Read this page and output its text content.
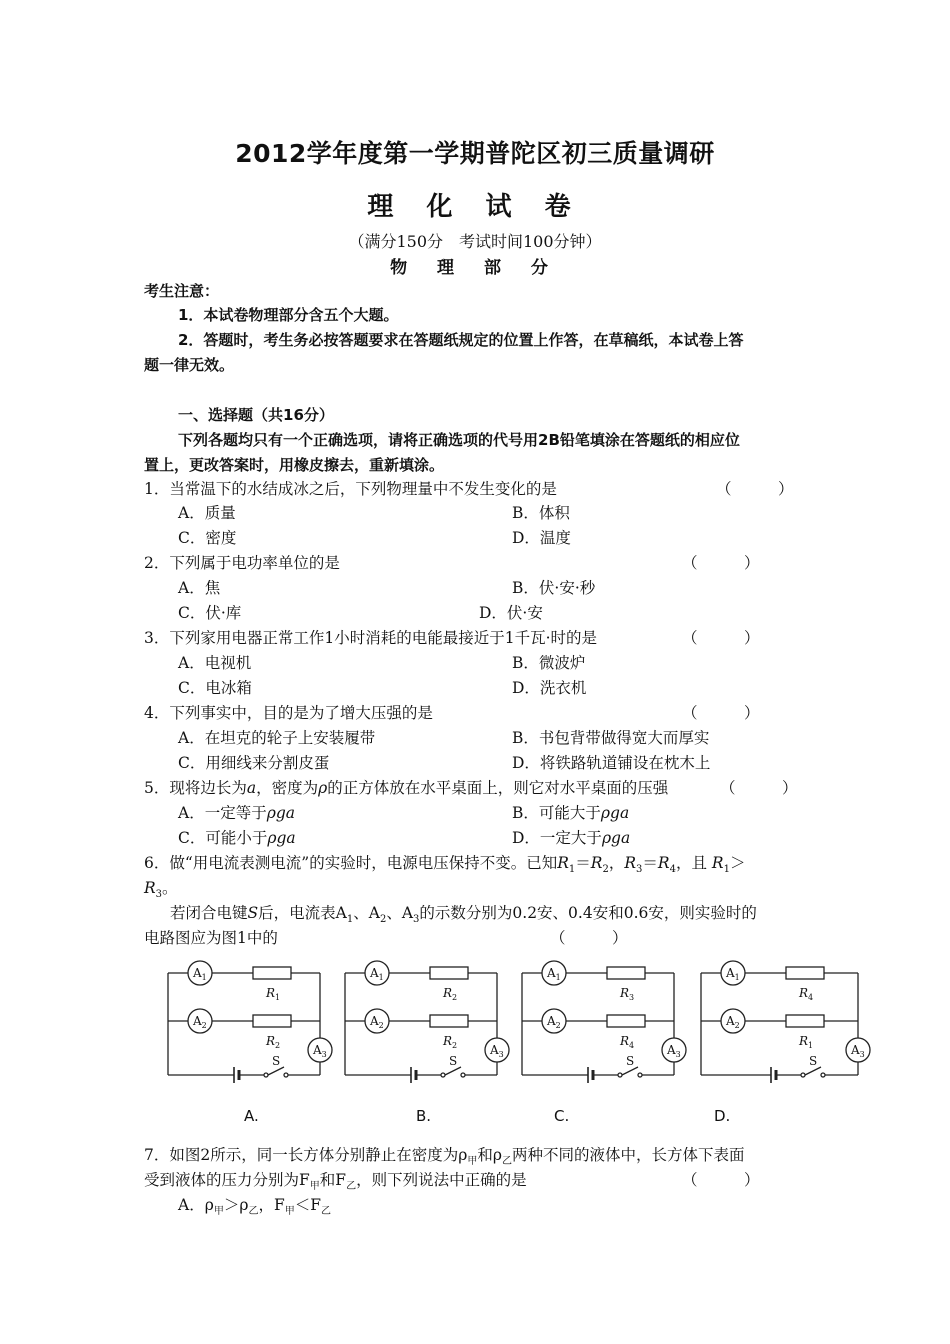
2012学年度第一学期普陀区初三质量调研
理 化 试 卷
（满分150分　考试时间100分钟）
物 理 部 分
考生注意：
1．本试卷物理部分含五个大题。
2．答题时，考生务必按答题要求在答题纸规定的位置上作答，在草稿纸，本试卷上答
题一律无效。
一、选择题（共16分）
下列各题均只有一个正确选项，请将正确选项的代号用2B铅笔填涂在答题纸的相应位
置上，更改答案时，用橡皮擦去，重新填涂。
1．当常温下的水结成冰之后，下列物理量中不发生变化的是	（　　　）
A．质量	B．体积
C．密度	D．温度
2．下列属于电功率单位的是	（　　　）
A．焦	B．伏·安·秒
C．伏·库	D．伏·安
3．下列家用电器正常工作1小时消耗的电能最接近于1千瓦·时的是	（　　　）
A．电视机	B．微波炉
C．电冰箱	D．洗衣机
4．下列事实中，目的是为了增大压强的是	（　　　）
A．在坦克的轮子上安装履带	B．书包背带做得宽大而厚实
C．用细线来分割皮蛋	D．将铁路轨道铺设在枕木上
5．现将边长为a，密度为ρ的正方体放在水平桌面上，则它对水平桌面的压强	（　　　）
A．一定等于ρga	B．可能大于ρga
C．可能小于ρga	D．一定大于ρga
6．做“用电流表测电流”的实验时，电源电压保持不变。已知$R_1=R_2$，$R_3=R_4$，且 $R_1>$
$R_3$。
若闭合电键S后，电流表$A_1$、$A_2$、$A_3$的示数分别为0.2安、0.4安和0.6安，则实验时的
电路图应为图1中的	（　　　）
$A_1$
$A_2$
$A_3$
$R_1$
$R_2$
S
$A_1$
$A_2$
$A_3$
$R_2$
$R_2$
S
$A_1$
$A_2$
$A_3$
$R_3$
$R_4$
S
$A_1$
$A_2$
$A_3$
$R_4$
$R_1$
S
A.	B.	C.	D.
7．如图2所示，同一长方体分别静止在密度为$\rho_甲$和$\rho_乙$两种不同的液体中，长方体下表面
受到液体的压力分别为$F_甲$和$F_乙$，则下列说法中正确的是	（　　　）
A．$\rho_甲>\rho_乙$，$F_甲<F_乙$
